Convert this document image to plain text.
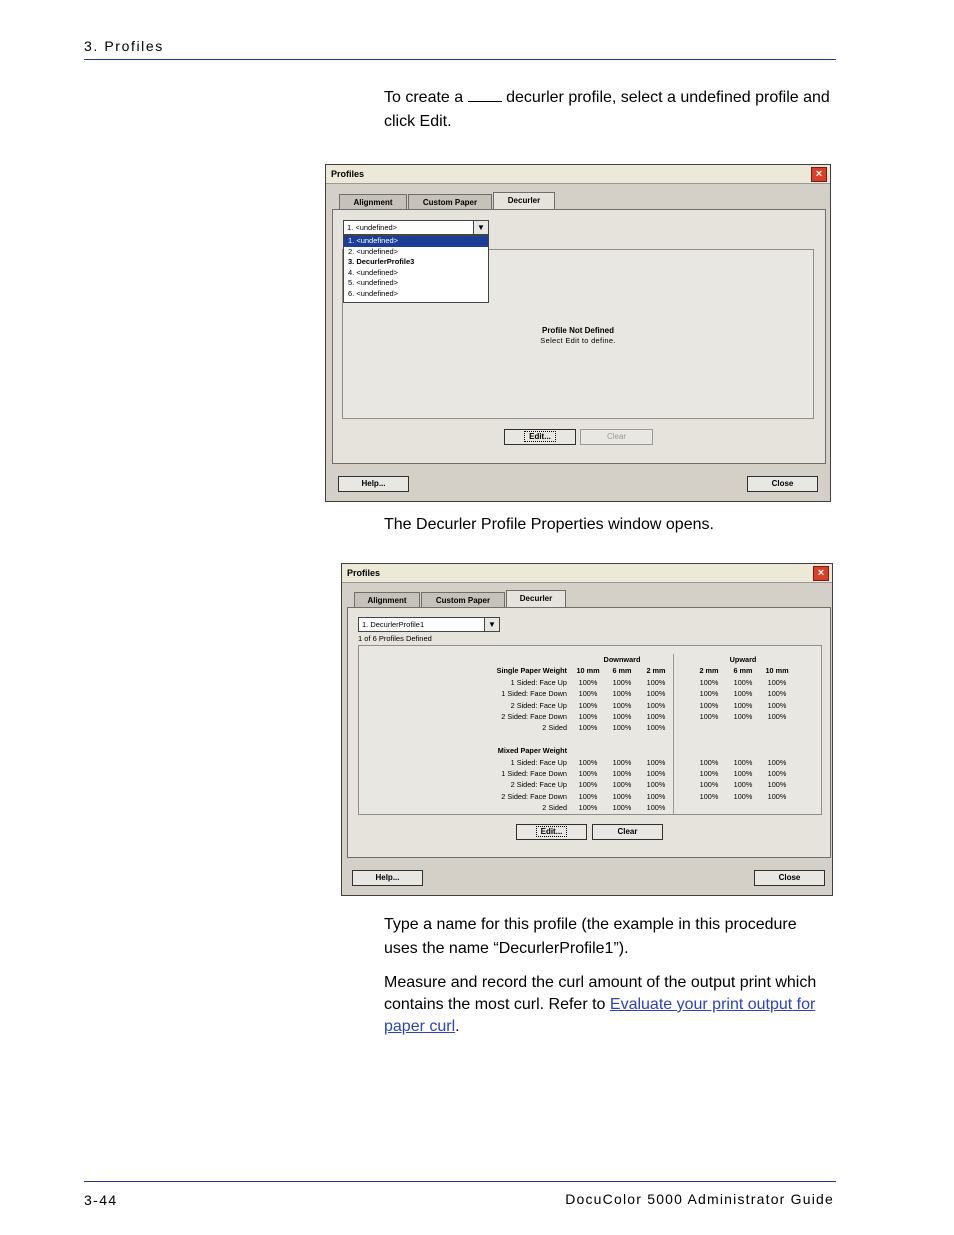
3. Profiles
To create a	decurler profile, select a undefined profile and click Edit.
Profiles	×
Alignment	Custom Paper	Decurler
Profile Not Defined
Select Edit to define.
1. <undefined>	▼
1. <undefined>
2. <undefined>
3. DecurlerProfile3
4. <undefined>
5. <undefined>
6. <undefined>
Edit...	Clear
Help...	Close
The Decurler Profile Properties window opens.
Profiles	×
Alignment	Custom Paper	Decurler
1. DecurlerProfile1	▼
1 of 6 Profiles Defined
	Downward				Upward		
Single Paper Weight	10 mm	6 mm	2 mm		2 mm	6 mm	10 mm
1 Sided: Face Up	100%	100%	100%		100%	100%	100%
1 Sided: Face Down	100%	100%	100%		100%	100%	100%
2 Sided: Face Up	100%	100%	100%		100%	100%	100%
2 Sided: Face Down	100%	100%	100%		100%	100%	100%
2 Sided	100%	100%	100%				

Mixed Paper Weight							
1 Sided: Face Up	100%	100%	100%		100%	100%	100%
1 Sided: Face Down	100%	100%	100%		100%	100%	100%
2 Sided: Face Up	100%	100%	100%		100%	100%	100%
2 Sided: Face Down	100%	100%	100%		100%	100%	100%
2 Sided	100%	100%	100%				
Edit...	Clear
Help...	Close
Type a name for this profile (the example in this procedure uses the name “DecurlerProfile1”).
Measure and record the curl amount of the output print which contains the most curl. Refer to Evaluate your print output for paper curl.
3-44	DocuColor 5000 Administrator Guide
